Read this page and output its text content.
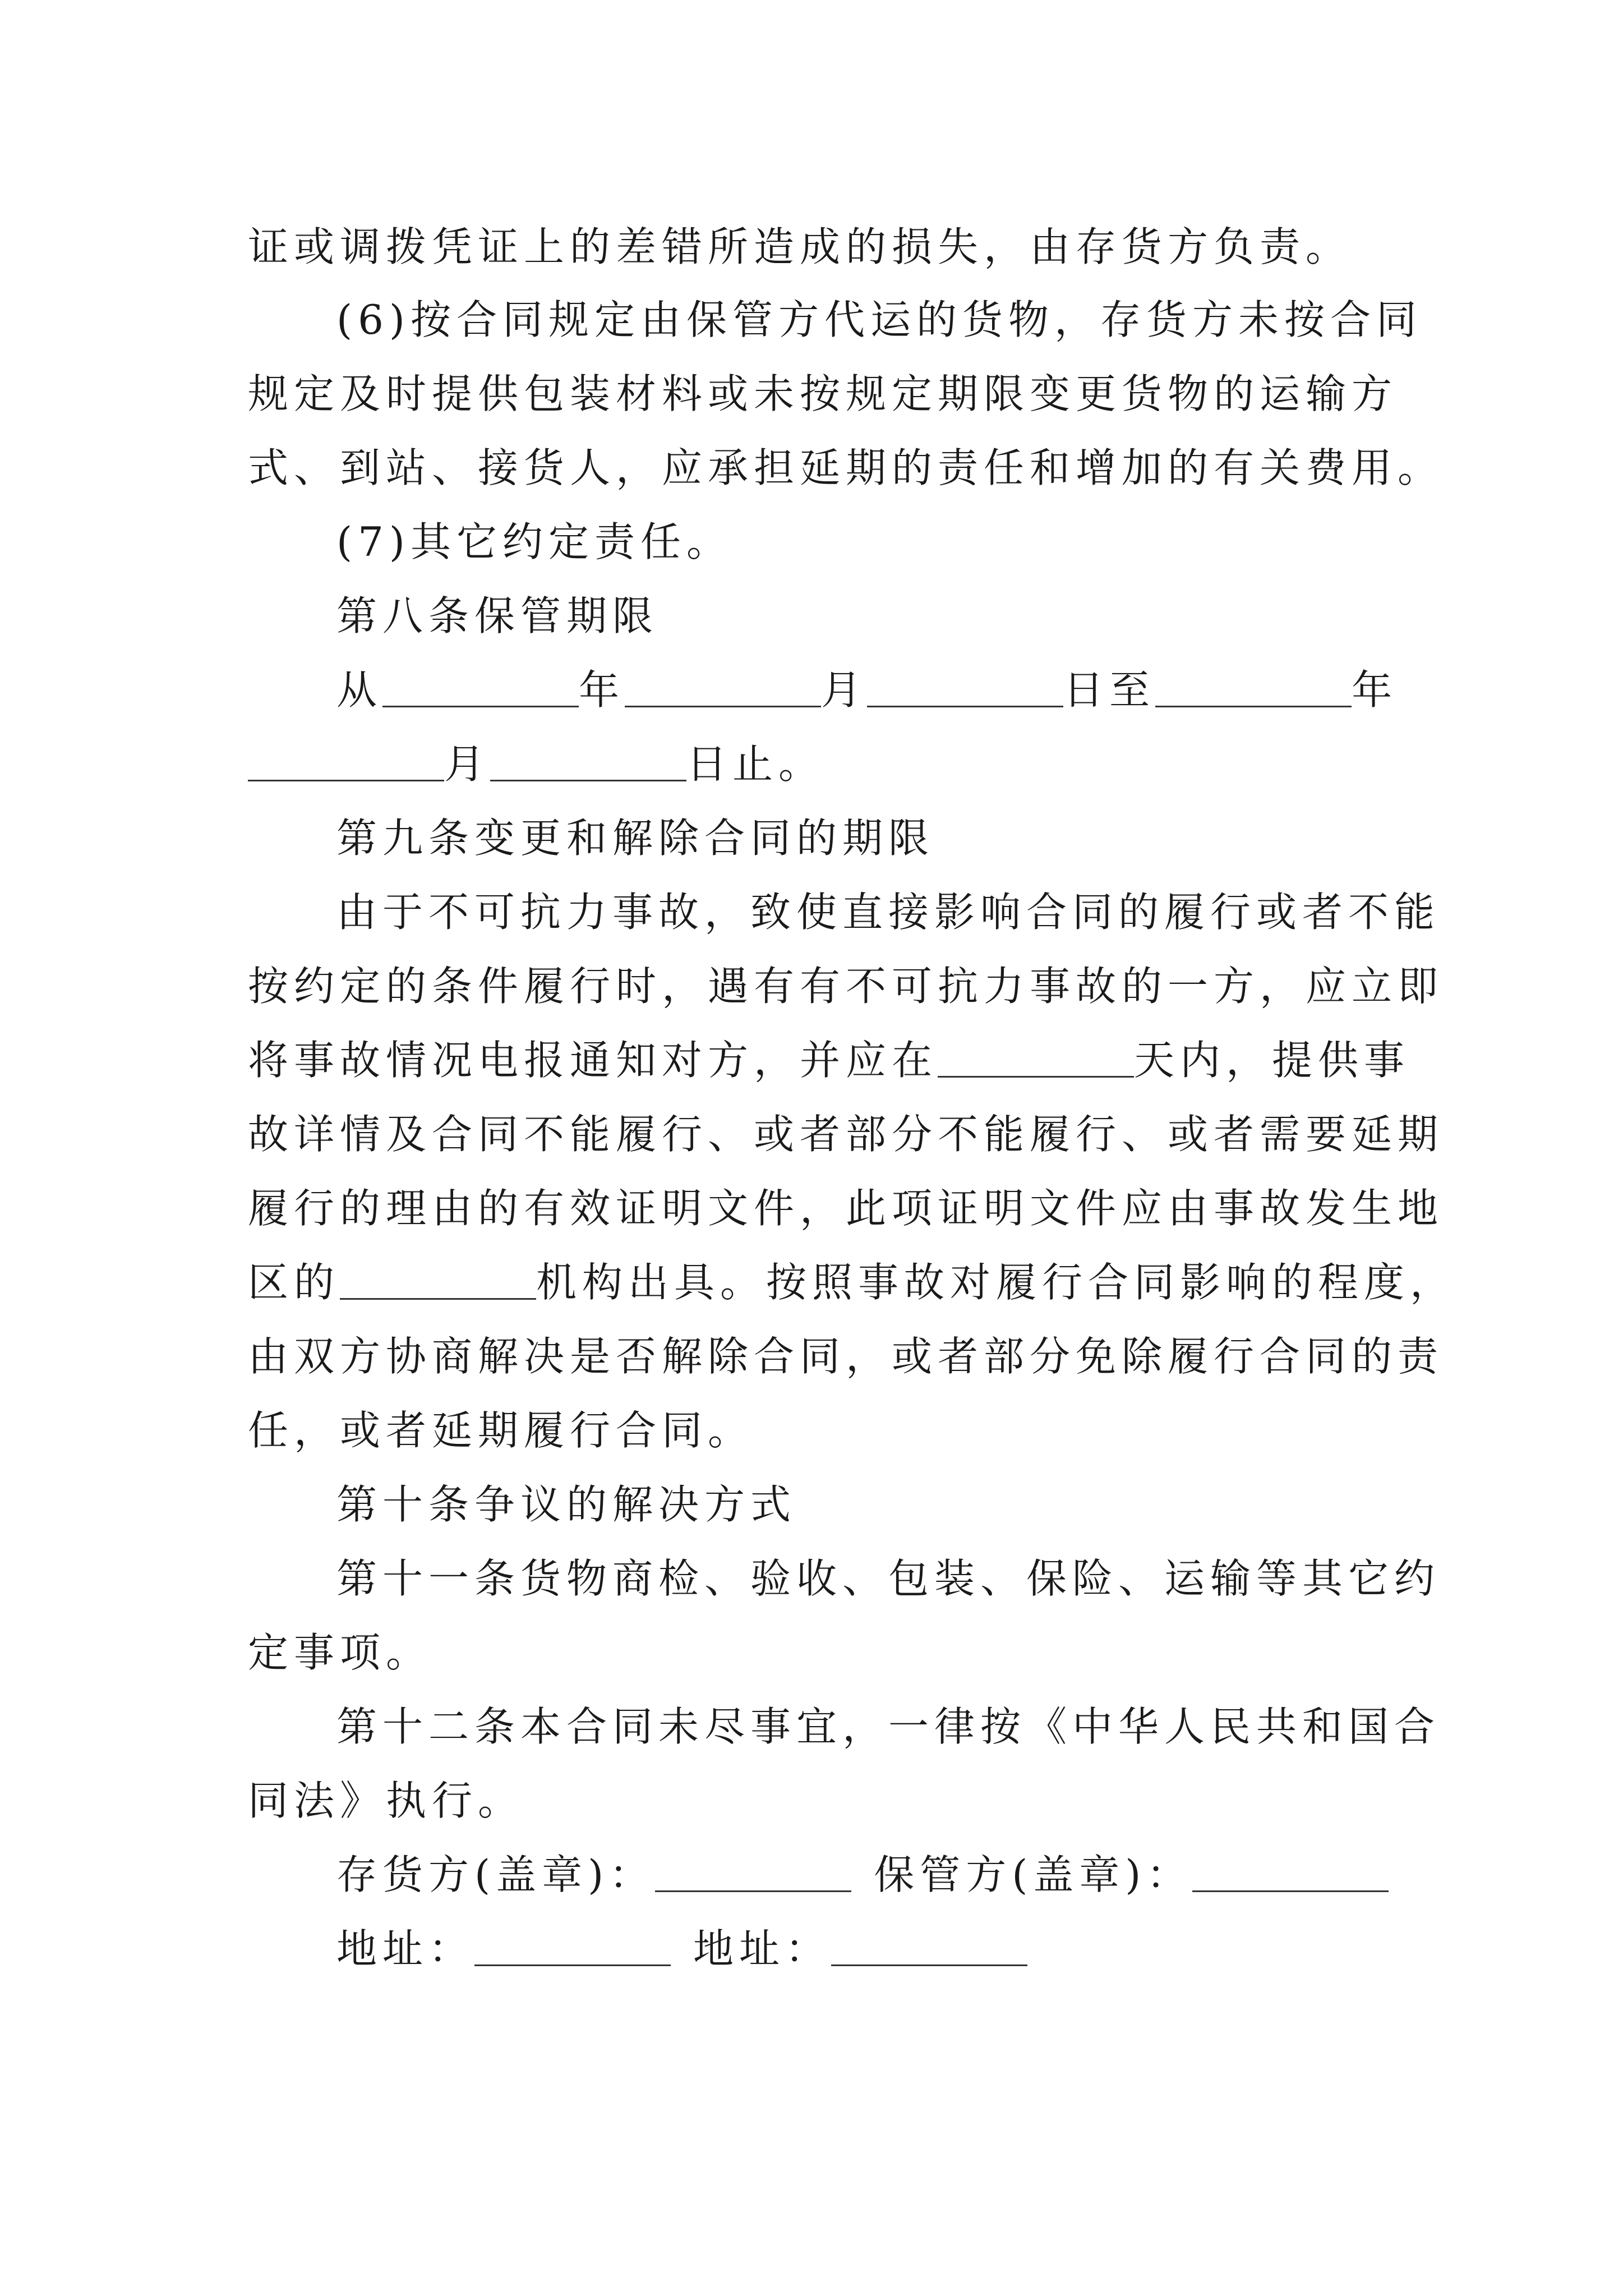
证或调拨凭证上的差错所造成的损失，由存货方负责。
(6)按合同规定由保管方代运的货物，存货方未按合同
规定及时提供包装材料或未按规定期限变更货物的运输方
式、到站、接货人，应承担延期的责任和增加的有关费用。
(7)其它约定责任。
第八条保管期限
从	年	月	日至	年
月	日止。
第九条变更和解除合同的期限
由于不可抗力事故，致使直接影响合同的履行或者不能
按约定的条件履行时，遇有有不可抗力事故的一方，应立即
将事故情况电报通知对方，并应在	天内，提供事
故详情及合同不能履行、或者部分不能履行、或者需要延期
履行的理由的有效证明文件，此项证明文件应由事故发生地
区的	机构出具。按照事故对履行合同影响的程度，
由双方协商解决是否解除合同，或者部分免除履行合同的责
任，或者延期履行合同。
第十条争议的解决方式
第十一条货物商检、验收、包装、保险、运输等其它约
定事项。
第十二条本合同未尽事宜，一律按《中华人民共和国合
同法》执行。
存货方(盖章)：	保管方(盖章)：
地址：	地址：
